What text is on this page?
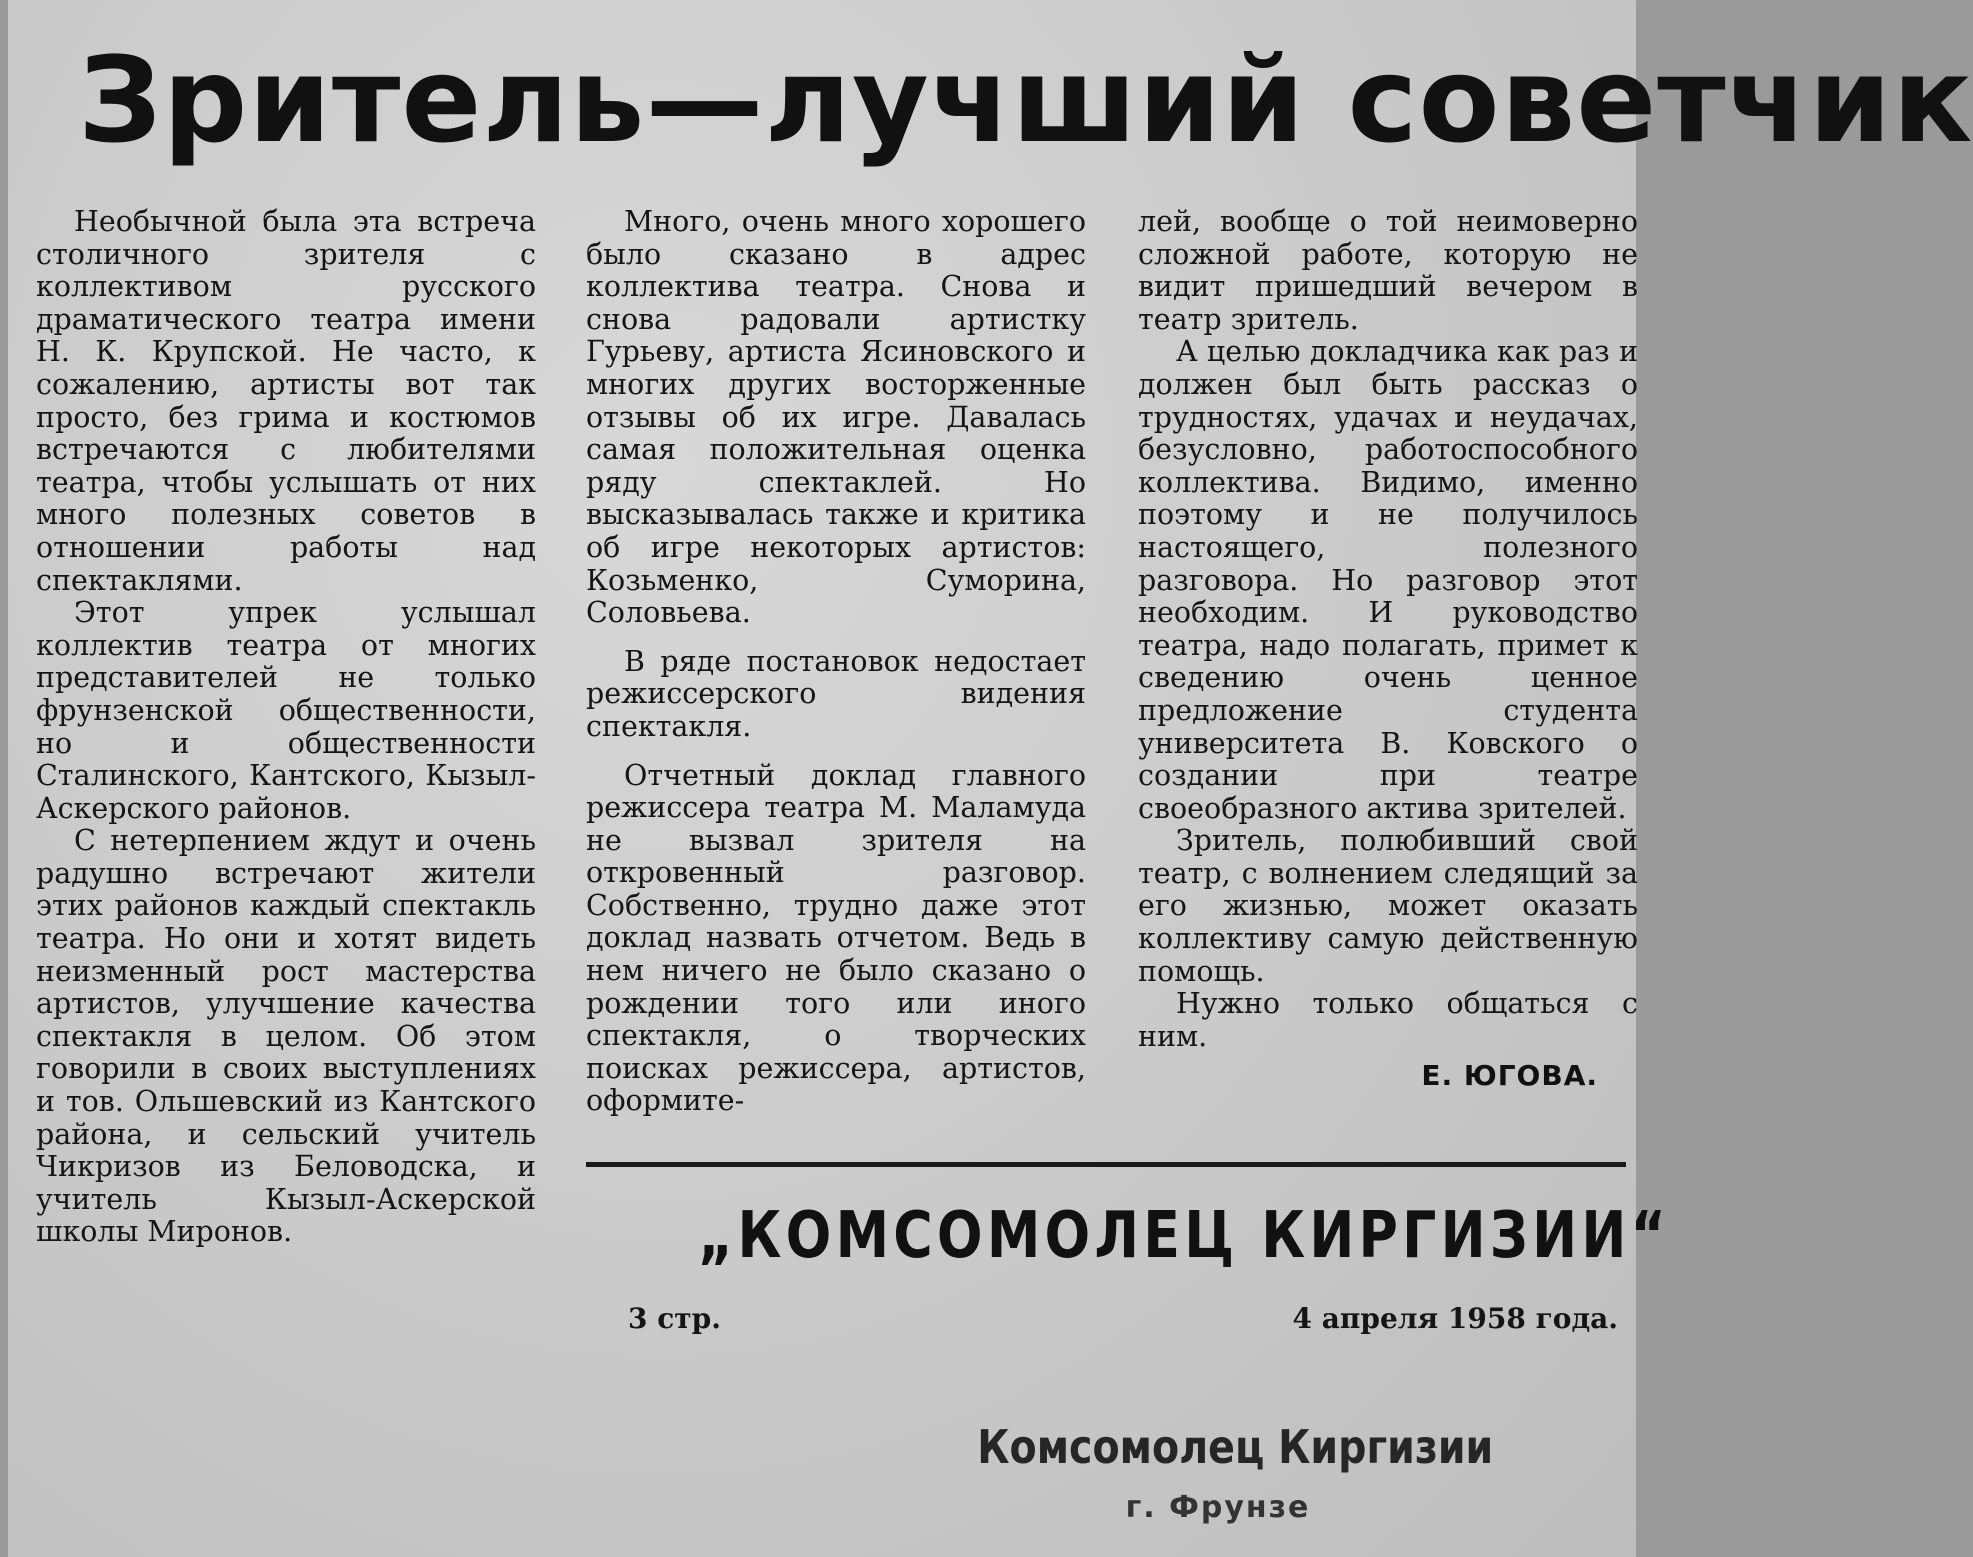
Зритель—лучший советчик

Необычной была эта встреча столичного зрителя с коллективом русского драматического театра имени Н. К. Крупской. Не часто, к сожалению, артисты вот так просто, без грима и костюмов встречаются с любителями театра, чтобы услышать от них много полезных советов в отношении работы над спектаклями.

Этот упрек услышал коллектив театра от многих представителей не только фрунзенской общественности, но и общественности Сталинского, Кантского, Кызыл-Аскерского районов.

С нетерпением ждут и очень радушно встречают жители этих районов каждый спектакль театра. Но они и хотят видеть неизменный рост мастерства артистов, улучшение качества спектакля в целом. Об этом говорили в своих выступлениях и тов. Ольшевский из Кантского района, и сельский учитель Чикризов из Беловодска, и учитель Кызыл-Аскерской школы Миронов.

Много, очень много хорошего было сказано в адрес коллектива театра. Снова и снова радовали артистку Гурьеву, артиста Ясиновского и многих других восторженные отзывы об их игре. Давалась самая положительная оценка ряду спектаклей. Но высказывалась также и критика об игре некоторых артистов: Козьменко, Суморина, Соловьева.

В ряде постановок недостает режиссерского видения спектакля.

Отчетный доклад главного режиссера театра М. Маламуда не вызвал зрителя на откровенный разговор. Собственно, трудно даже этот доклад назвать отчетом. Ведь в нем ничего не было сказано о рождении того или иного спектакля, о творческих поисках режиссера, артистов, оформите-

лей, вообще о той неимоверно сложной работе, которую не видит пришедший вечером в театр зритель.

А целью докладчика как раз и должен был быть рассказ о трудностях, удачах и неудачах, безусловно, работоспособного коллектива. Видимо, именно поэтому и не получилось настоящего, полезного разговора. Но разговор этот необходим. И руководство театра, надо полагать, примет к сведению очень ценное предложение студента университета В. Ковского о создании при театре своеобразного актива зрителей.

Зритель, полюбивший свой театр, с волнением следящий за его жизнью, может оказать коллективу самую действенную помощь.

Нужно только общаться с ним.

Е. ЮГОВА.
„КОМСОМОЛЕЦ КИРГИЗИИ“
3 стр.	4 апреля 1958 года.
Комсомолец Киргизии
г. Фрунзе
